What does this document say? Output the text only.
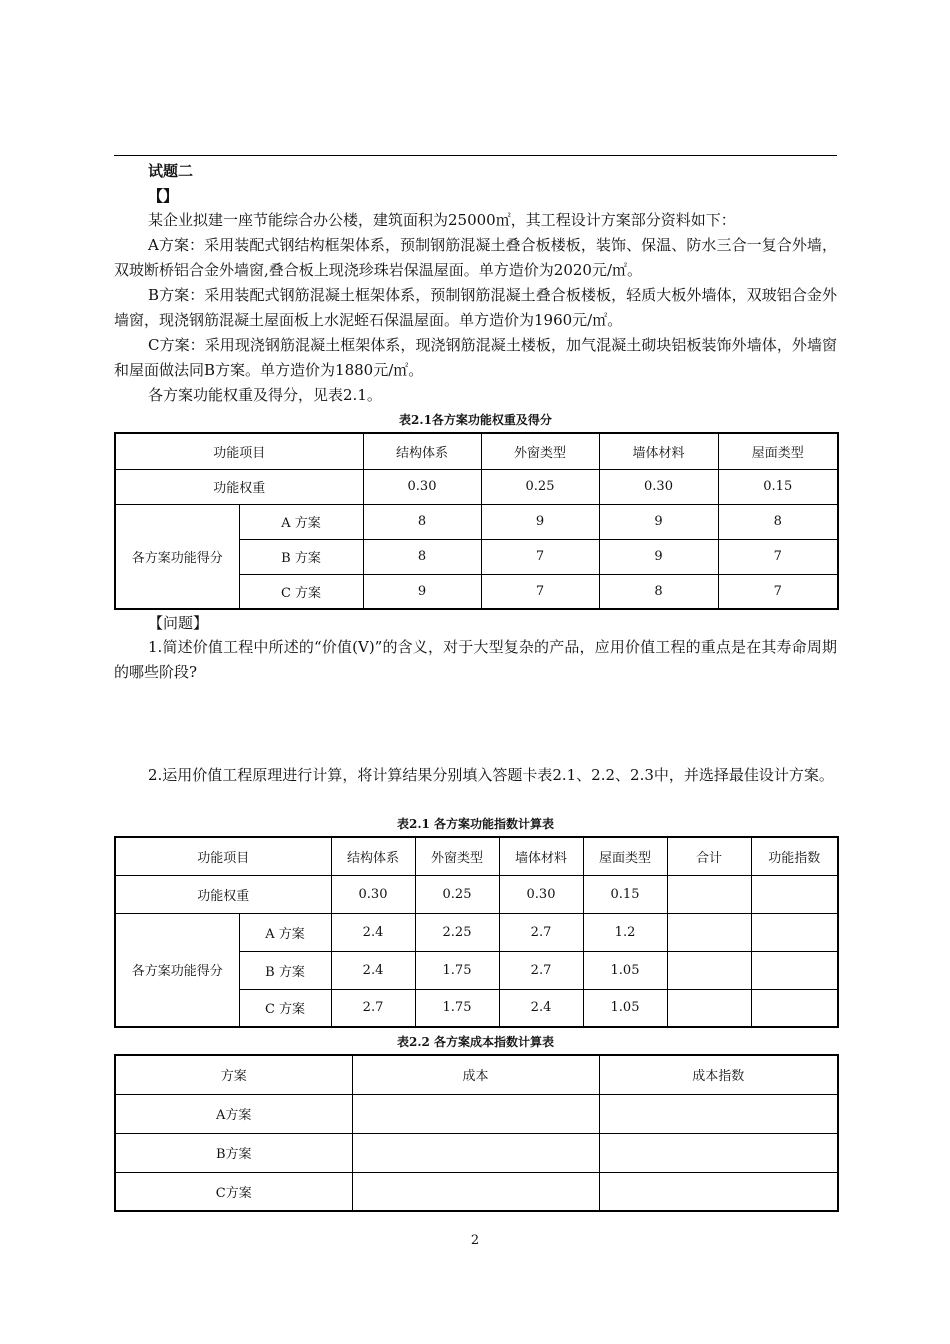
试题二
【】

某企业拟建一座节能综合办公楼，建筑面积为25000㎡，其工程设计方案部分资料如下：

A方案：采用装配式钢结构框架体系，预制钢筋混凝土叠合板楼板，装饰、保温、防水三合一复合外墙，双玻断桥铝合金外墙窗,叠合板上现浇珍珠岩保温屋面。单方造价为2020元/㎡。

B方案：采用装配式钢筋混凝土框架体系，预制钢筋混凝土叠合板楼板，轻质大板外墙体，双玻铝合金外墙窗，现浇钢筋混凝土屋面板上水泥蛭石保温屋面。单方造价为1960元/㎡。

C方案：采用现浇钢筋混凝土框架体系，现浇钢筋混凝土楼板，加气混凝土砌块铝板装饰外墙体，外墙窗和屋面做法同B方案。单方造价为1880元/㎡。

各方案功能权重及得分，见表2.1。

表2.1各方案功能权重及得分
功能项目		结构体系	外窗类型	墙体材料	屋面类型
功能权重		0.30	0.25	0.30	0.15
各方案功能得分	A 方案	8	9	9	8
	B 方案	8	7	9	7
	C 方案	9	7	8	7
【问题】

1.简述价值工程中所述的“价值(V)”的含义，对于大型复杂的产品，应用价值工程的重点是在其寿命周期的哪些阶段?

2.运用价值工程原理进行计算，将计算结果分别填入答题卡表2.1、2.2、2.3中，并选择最佳设计方案。

表2.1 各方案功能指数计算表
功能项目		结构体系	外窗类型	墙体材料	屋面类型	合计	功能指数
功能权重		0.30	0.25	0.30	0.15		
各方案功能得分	A 方案	2.4	2.25	2.7	1.2		
	B 方案	2.4	1.75	2.7	1.05		
	C 方案	2.7	1.75	2.4	1.05		
表2.2 各方案成本指数计算表
方案	成本	成本指数
A方案		
B方案		
C方案		
2
